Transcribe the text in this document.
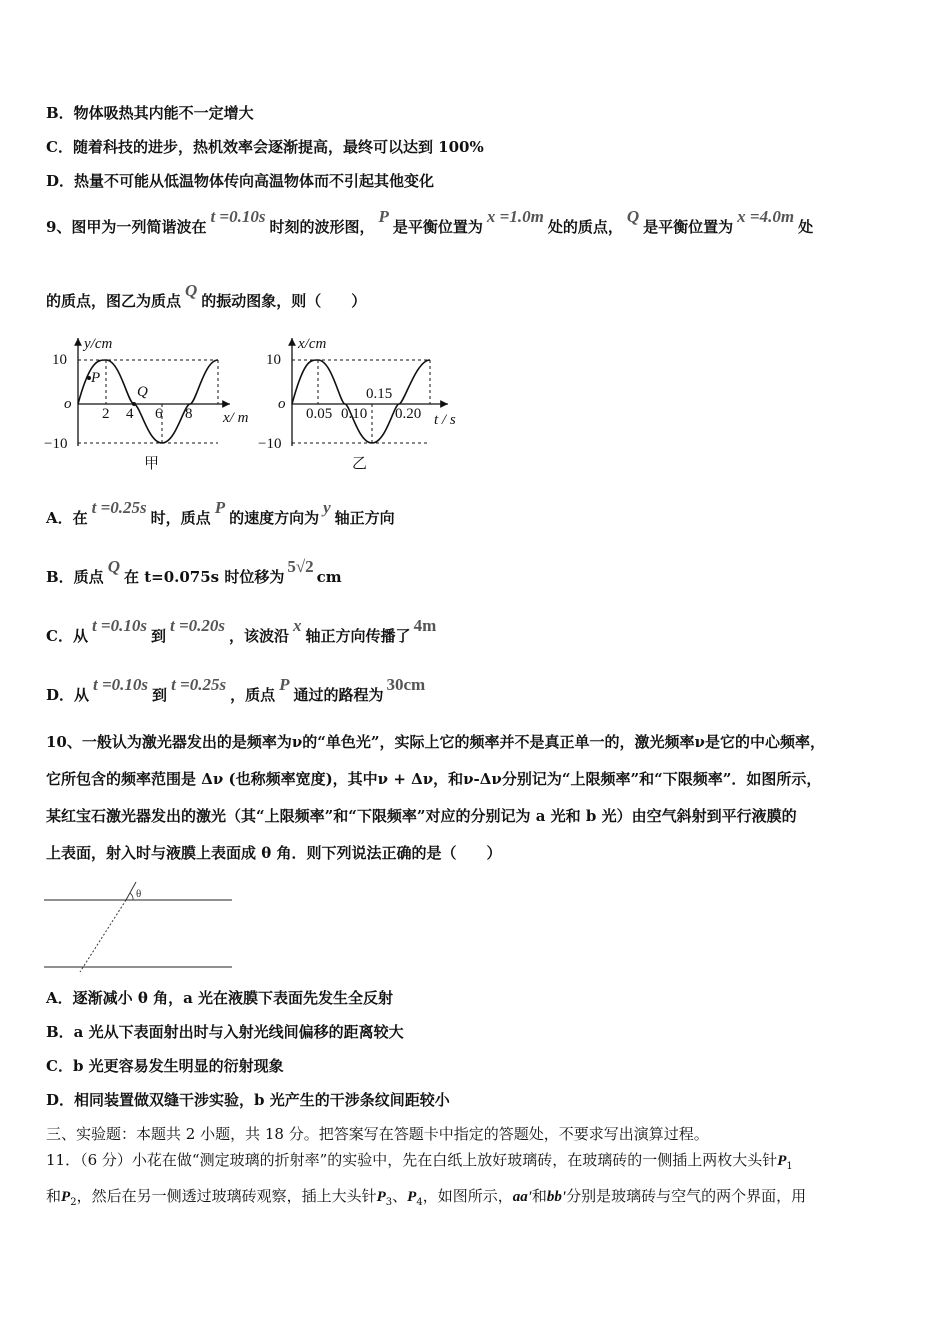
B．物体吸热其内能不一定增大
C．随着科技的进步，热机效率会逐渐提高，最终可以达到 100%
D．热量不可能从低温物体传向高温物体而不引起其他变化
9、图甲为一列简谐波在t =0.10s时刻的波形图，P是平衡位置为x =1.0m处的质点，Q是平衡位置为x =4.0m处
的质点，图乙为质点Q的振动图象，则（　　）
y/cm
10
−10
o
P
Q
2 4 6 8 x/ m
甲
x/cm
10
−10
o
0.05 0.10
0.15
0.20 t / s
乙
A．在t =0.25s时，质点P的速度方向为y轴正方向
B．质点Q在 t=0.075s 时位移为5√2cm
C．从t =0.10s到t =0.20s，该波沿x轴正方向传播了4m
D．从t =0.10s到t =0.25s，质点P通过的路程为30cm
10、一般认为激光器发出的是频率为ν的“单色光”，实际上它的频率并不是真正单一的，激光频率ν是它的中心频率，
它所包含的频率范围是 Δν (也称频率宽度)，其中ν + Δν，和ν-Δν分别记为“上限频率”和“下限频率”．如图所示，
某红宝石激光器发出的激光（其“上限频率”和“下限频率”对应的分别记为 a 光和 b 光）由空气斜射到平行液膜的
上表面，射入时与液膜上表面成 θ 角．则下列说法正确的是（　　）
θ
A．逐渐减小 θ 角，a 光在液膜下表面先发生全反射
B．a 光从下表面射出时与入射光线间偏移的距离较大
C．b 光更容易发生明显的衍射现象
D．相同装置做双缝干涉实验，b 光产生的干涉条纹间距较小
三、实验题：本题共 2 小题，共 18 分。把答案写在答题卡中指定的答题处，不要求写出演算过程。
11．（6 分）小花在做“测定玻璃的折射率”的实验中，先在白纸上放好玻璃砖，在玻璃砖的一侧插上两枚大头针$P_1$
和$P_2$，然后在另一侧透过玻璃砖观察，插上大头针$P_3$、$P_4$，如图所示，aa'和bb'分别是玻璃砖与空气的两个界面，用
